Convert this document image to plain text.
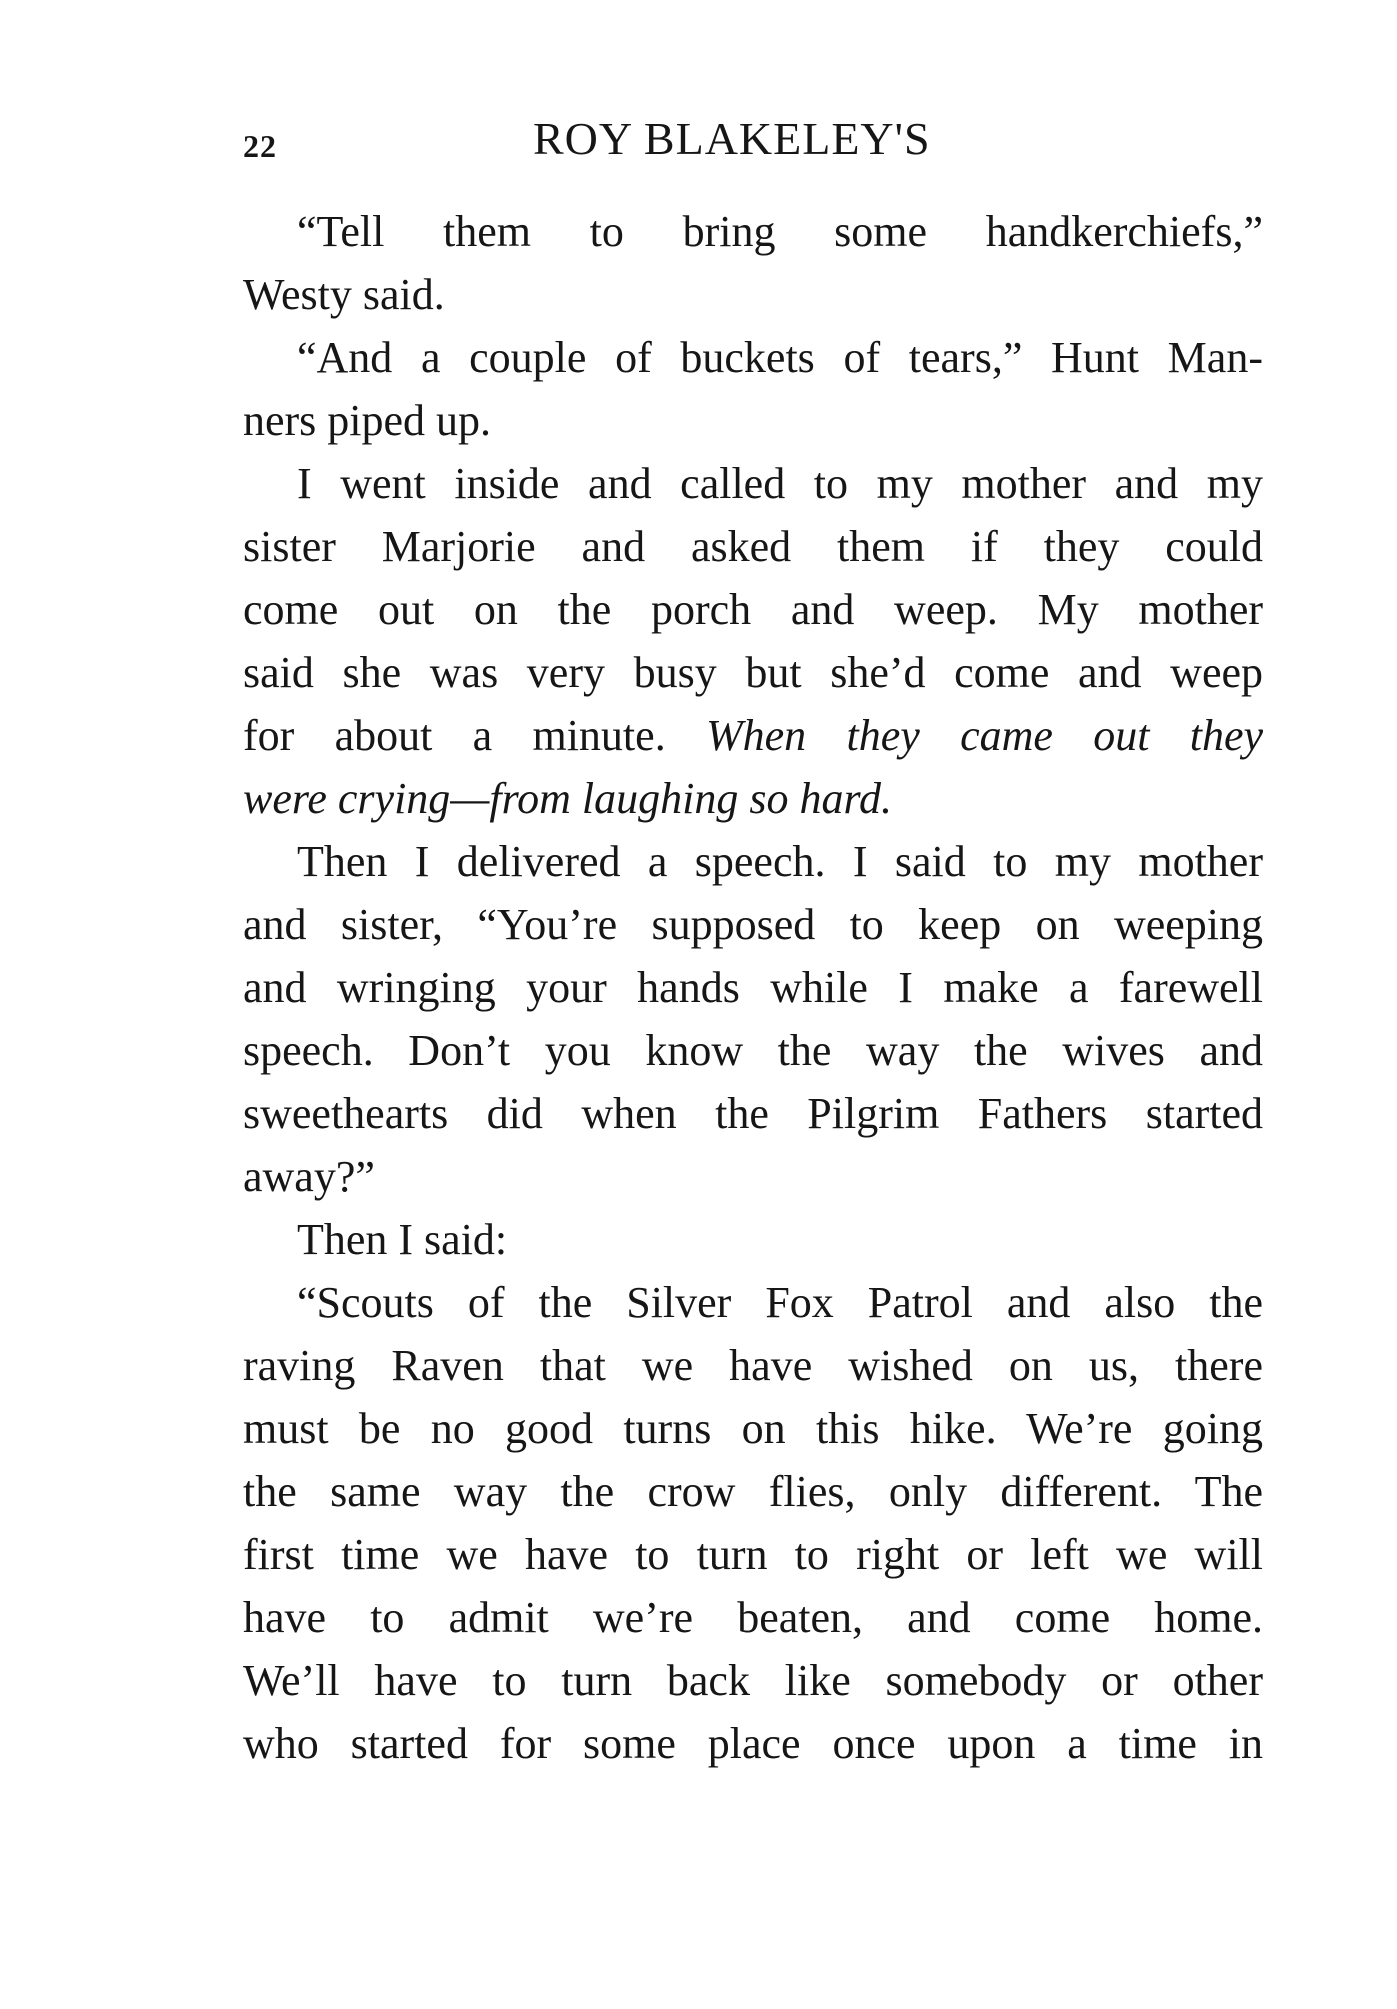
22	ROY BLAKELEY'S
“Tell them to bring some handkerchiefs,”
Westy said.
“And a couple of buckets of tears,” Hunt Man-
ners piped up.
I went inside and called to my mother and my
sister Marjorie and asked them if they could
come out on the porch and weep. My mother
said she was very busy but she’d come and weep
for about a minute. When they came out they
were crying—from laughing so hard.
Then I delivered a speech. I said to my mother
and sister, “You’re supposed to keep on weeping
and wringing your hands while I make a farewell
speech. Don’t you know the way the wives and
sweethearts did when the Pilgrim Fathers started
away?”
Then I said:
“Scouts of the Silver Fox Patrol and also the
raving Raven that we have wished on us, there
must be no good turns on this hike. We’re going
the same way the crow flies, only different. The
first time we have to turn to right or left we will
have to admit we’re beaten, and come home.
We’ll have to turn back like somebody or other
who started for some place once upon a time in
